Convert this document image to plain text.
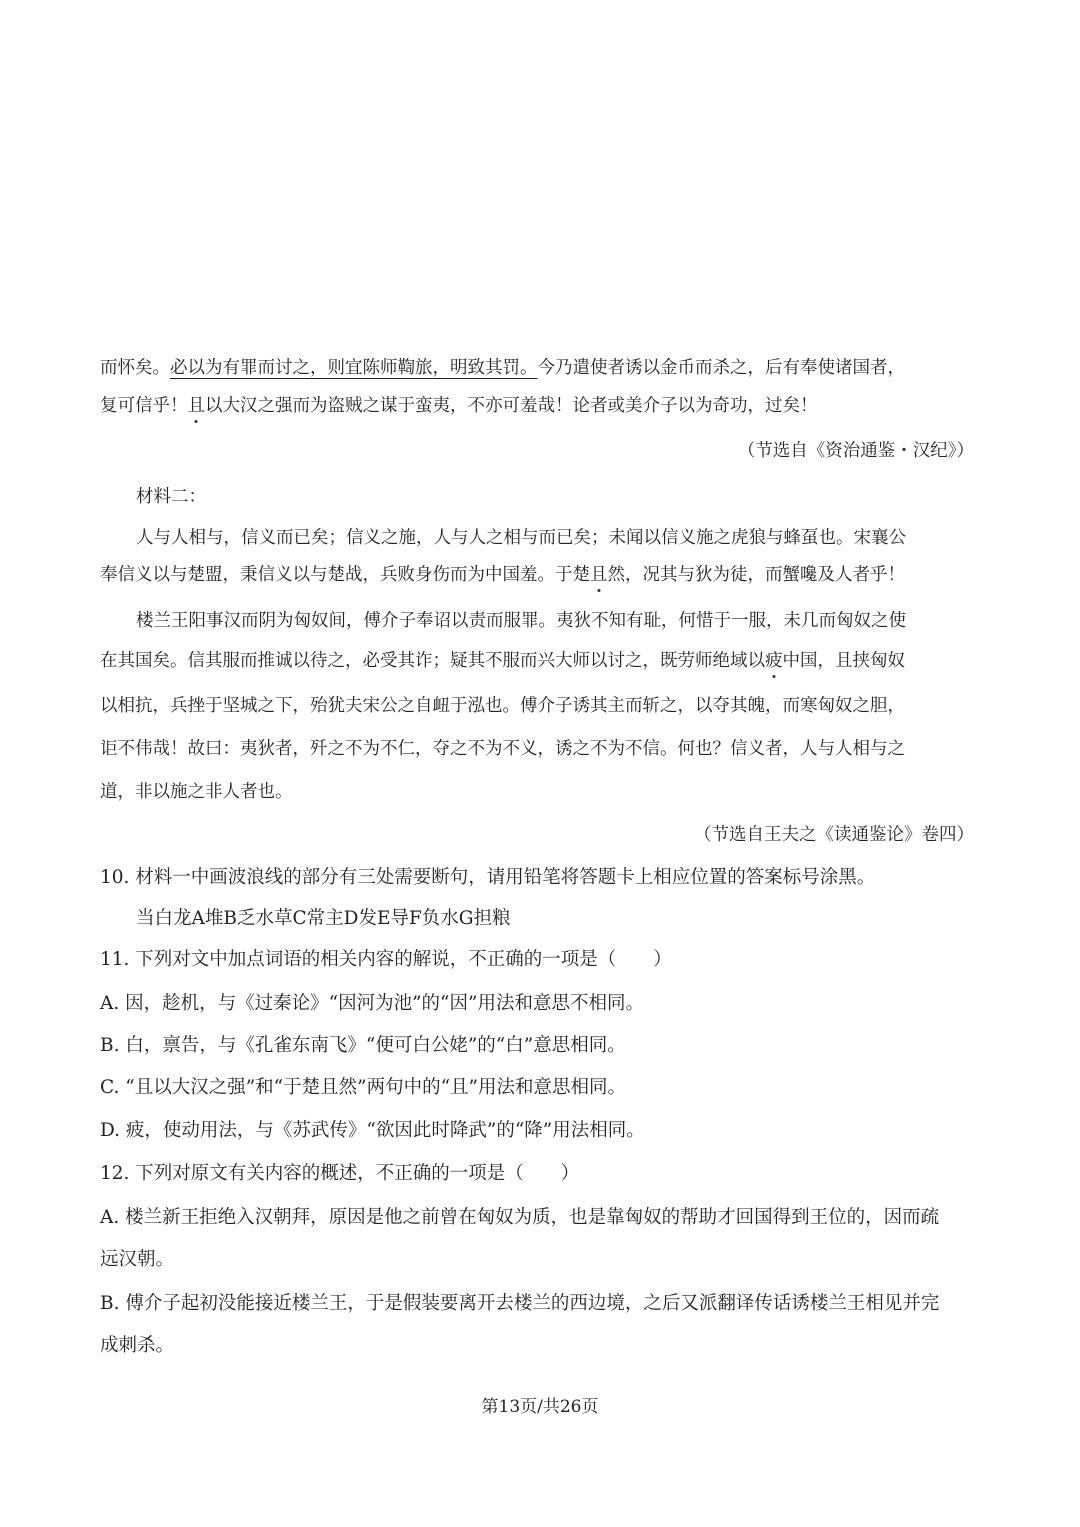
而怀矣。必以为有罪而讨之，则宜陈师鞫旅，明致其罚。今乃遣使者诱以金币而杀之，后有奉使诸国者，
复可信乎！且以大汉之强而为盗贼之谋于蛮夷，不亦可羞哉！论者或美介子以为奇功，过矣！
（节选自《资治通鉴・汉纪》）
材料二：
人与人相与，信义而已矣；信义之施，人与人之相与而已矣；未闻以信义施之虎狼与蜂虿也。宋襄公
奉信义以与楚盟，秉信义以与楚战，兵败身伤而为中国羞。于楚且然，况其与狄为徒，而蟹嚵及人者乎！
楼兰王阳事汉而阴为匈奴间，傅介子奉诏以责而服罪。夷狄不知有耻，何惜于一服，未几而匈奴之使
在其国矣。信其服而推诚以待之，必受其诈；疑其不服而兴大师以讨之，既劳师绝域以疲中国，且挟匈奴
以相抗，兵挫于坚城之下，殆犹夫宋公之自衄于泓也。傅介子诱其主而斩之，以夺其魄，而寒匈奴之胆，
讵不伟哉！故曰：夷狄者，歼之不为不仁，夺之不为不义，诱之不为不信。何也？信义者，人与人相与之
道，非以施之非人者也。
（节选自王夫之《读通鉴论》卷四）
10. 材料一中画波浪线的部分有三处需要断句，请用铅笔将答题卡上相应位置的答案标号涂黑。
当白龙A堆B乏水草C常主D发E导F负水G担粮
11. 下列对文中加点词语的相关内容的解说，不正确的一项是（　　）
A. 因，趁机，与《过秦论》“因河为池”的“因”用法和意思不相同。
B. 白，禀告，与《孔雀东南飞》“便可白公姥”的“白”意思相同。
C. “且以大汉之强”和“于楚且然”两句中的“且”用法和意思相同。
D. 疲，使动用法，与《苏武传》“欲因此时降武”的“降”用法相同。
12. 下列对原文有关内容的概述，不正确的一项是（　　）
A. 楼兰新王拒绝入汉朝拜，原因是他之前曾在匈奴为质，也是靠匈奴的帮助才回国得到王位的，因而疏
远汉朝。
B. 傅介子起初没能接近楼兰王，于是假装要离开去楼兰的西边境，之后又派翻译传话诱楼兰王相见并完
成刺杀。
第13页/共26页
